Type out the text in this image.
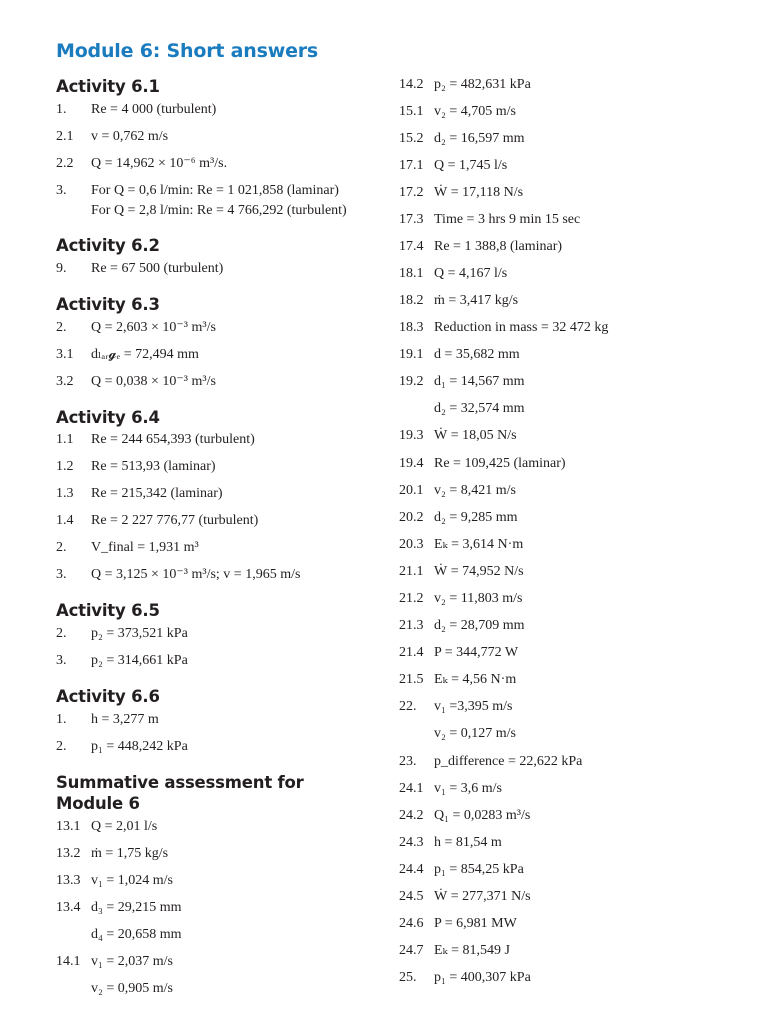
Module 6: Short answers
Activity 6.1
1. Re = 4 000 (turbulent)
2.1 v = 0,762 m/s
2.2 Q = 14,962 × 10⁻⁶ m³/s.
3. For Q = 0,6 l/min: Re = 1 021,858 (laminar)
For Q = 2,8 l/min: Re = 4 766,292 (turbulent)
Activity 6.2
9. Re = 67 500 (turbulent)
Activity 6.3
2. Q = 2,603 × 10⁻³ m³/s
3.1 dₗₐᵣ𝓰ₑ = 72,494 mm
3.2 Q = 0,038 × 10⁻³ m³/s
Activity 6.4
1.1 Re = 244 654,393 (turbulent)
1.2 Re = 513,93 (laminar)
1.3 Re = 215,342 (laminar)
1.4 Re = 2 227 776,77 (turbulent)
2. V_final = 1,931 m³
3. Q = 3,125 × 10⁻³ m³/s; v = 1,965 m/s
Activity 6.5
2. p₂ = 373,521 kPa
3. p₂ = 314,661 kPa
Activity 6.6
1. h = 3,277 m
2. p₁ = 448,242 kPa
Summative assessment for
Module 6
13.1 Q = 2,01 l/s
13.2 ṁ = 1,75 kg/s
13.3 v₁ = 1,024 m/s
13.4 d₃ = 29,215 mm
d₄ = 20,658 mm
14.1 v₁ = 2,037 m/s
v₂ = 0,905 m/s
14.2 p₂ = 482,631 kPa
15.1 v₂ = 4,705 m/s
15.2 d₂ = 16,597 mm
17.1 Q = 1,745 l/s
17.2 Ẇ = 17,118 N/s
17.3 Time = 3 hrs 9 min 15 sec
17.4 Re = 1 388,8 (laminar)
18.1 Q = 4,167 l/s
18.2 ṁ = 3,417 kg/s
18.3 Reduction in mass = 32 472 kg
19.1 d = 35,682 mm
19.2 d₁ = 14,567 mm
d₂ = 32,574 mm
19.3 Ẇ = 18,05 N/s
19.4 Re = 109,425 (laminar)
20.1 v₂ = 8,421 m/s
20.2 d₂ = 9,285 mm
20.3 Eₖ = 3,614 N·m
21.1 Ẇ = 74,952 N/s
21.2 v₂ = 11,803 m/s
21.3 d₂ = 28,709 mm
21.4 P = 344,772 W
21.5 Eₖ = 4,56 N·m
22. v₁ =3,395 m/s
v₂ = 0,127 m/s
23. p_difference = 22,622 kPa
24.1 v₁ = 3,6 m/s
24.2 Q₁ = 0,0283 m³/s
24.3 h = 81,54 m
24.4 p₁ = 854,25 kPa
24.5 Ẇ = 277,371 N/s
24.6 P = 6,981 MW
24.7 Eₖ = 81,549 J
25. p₁ = 400,307 kPa
